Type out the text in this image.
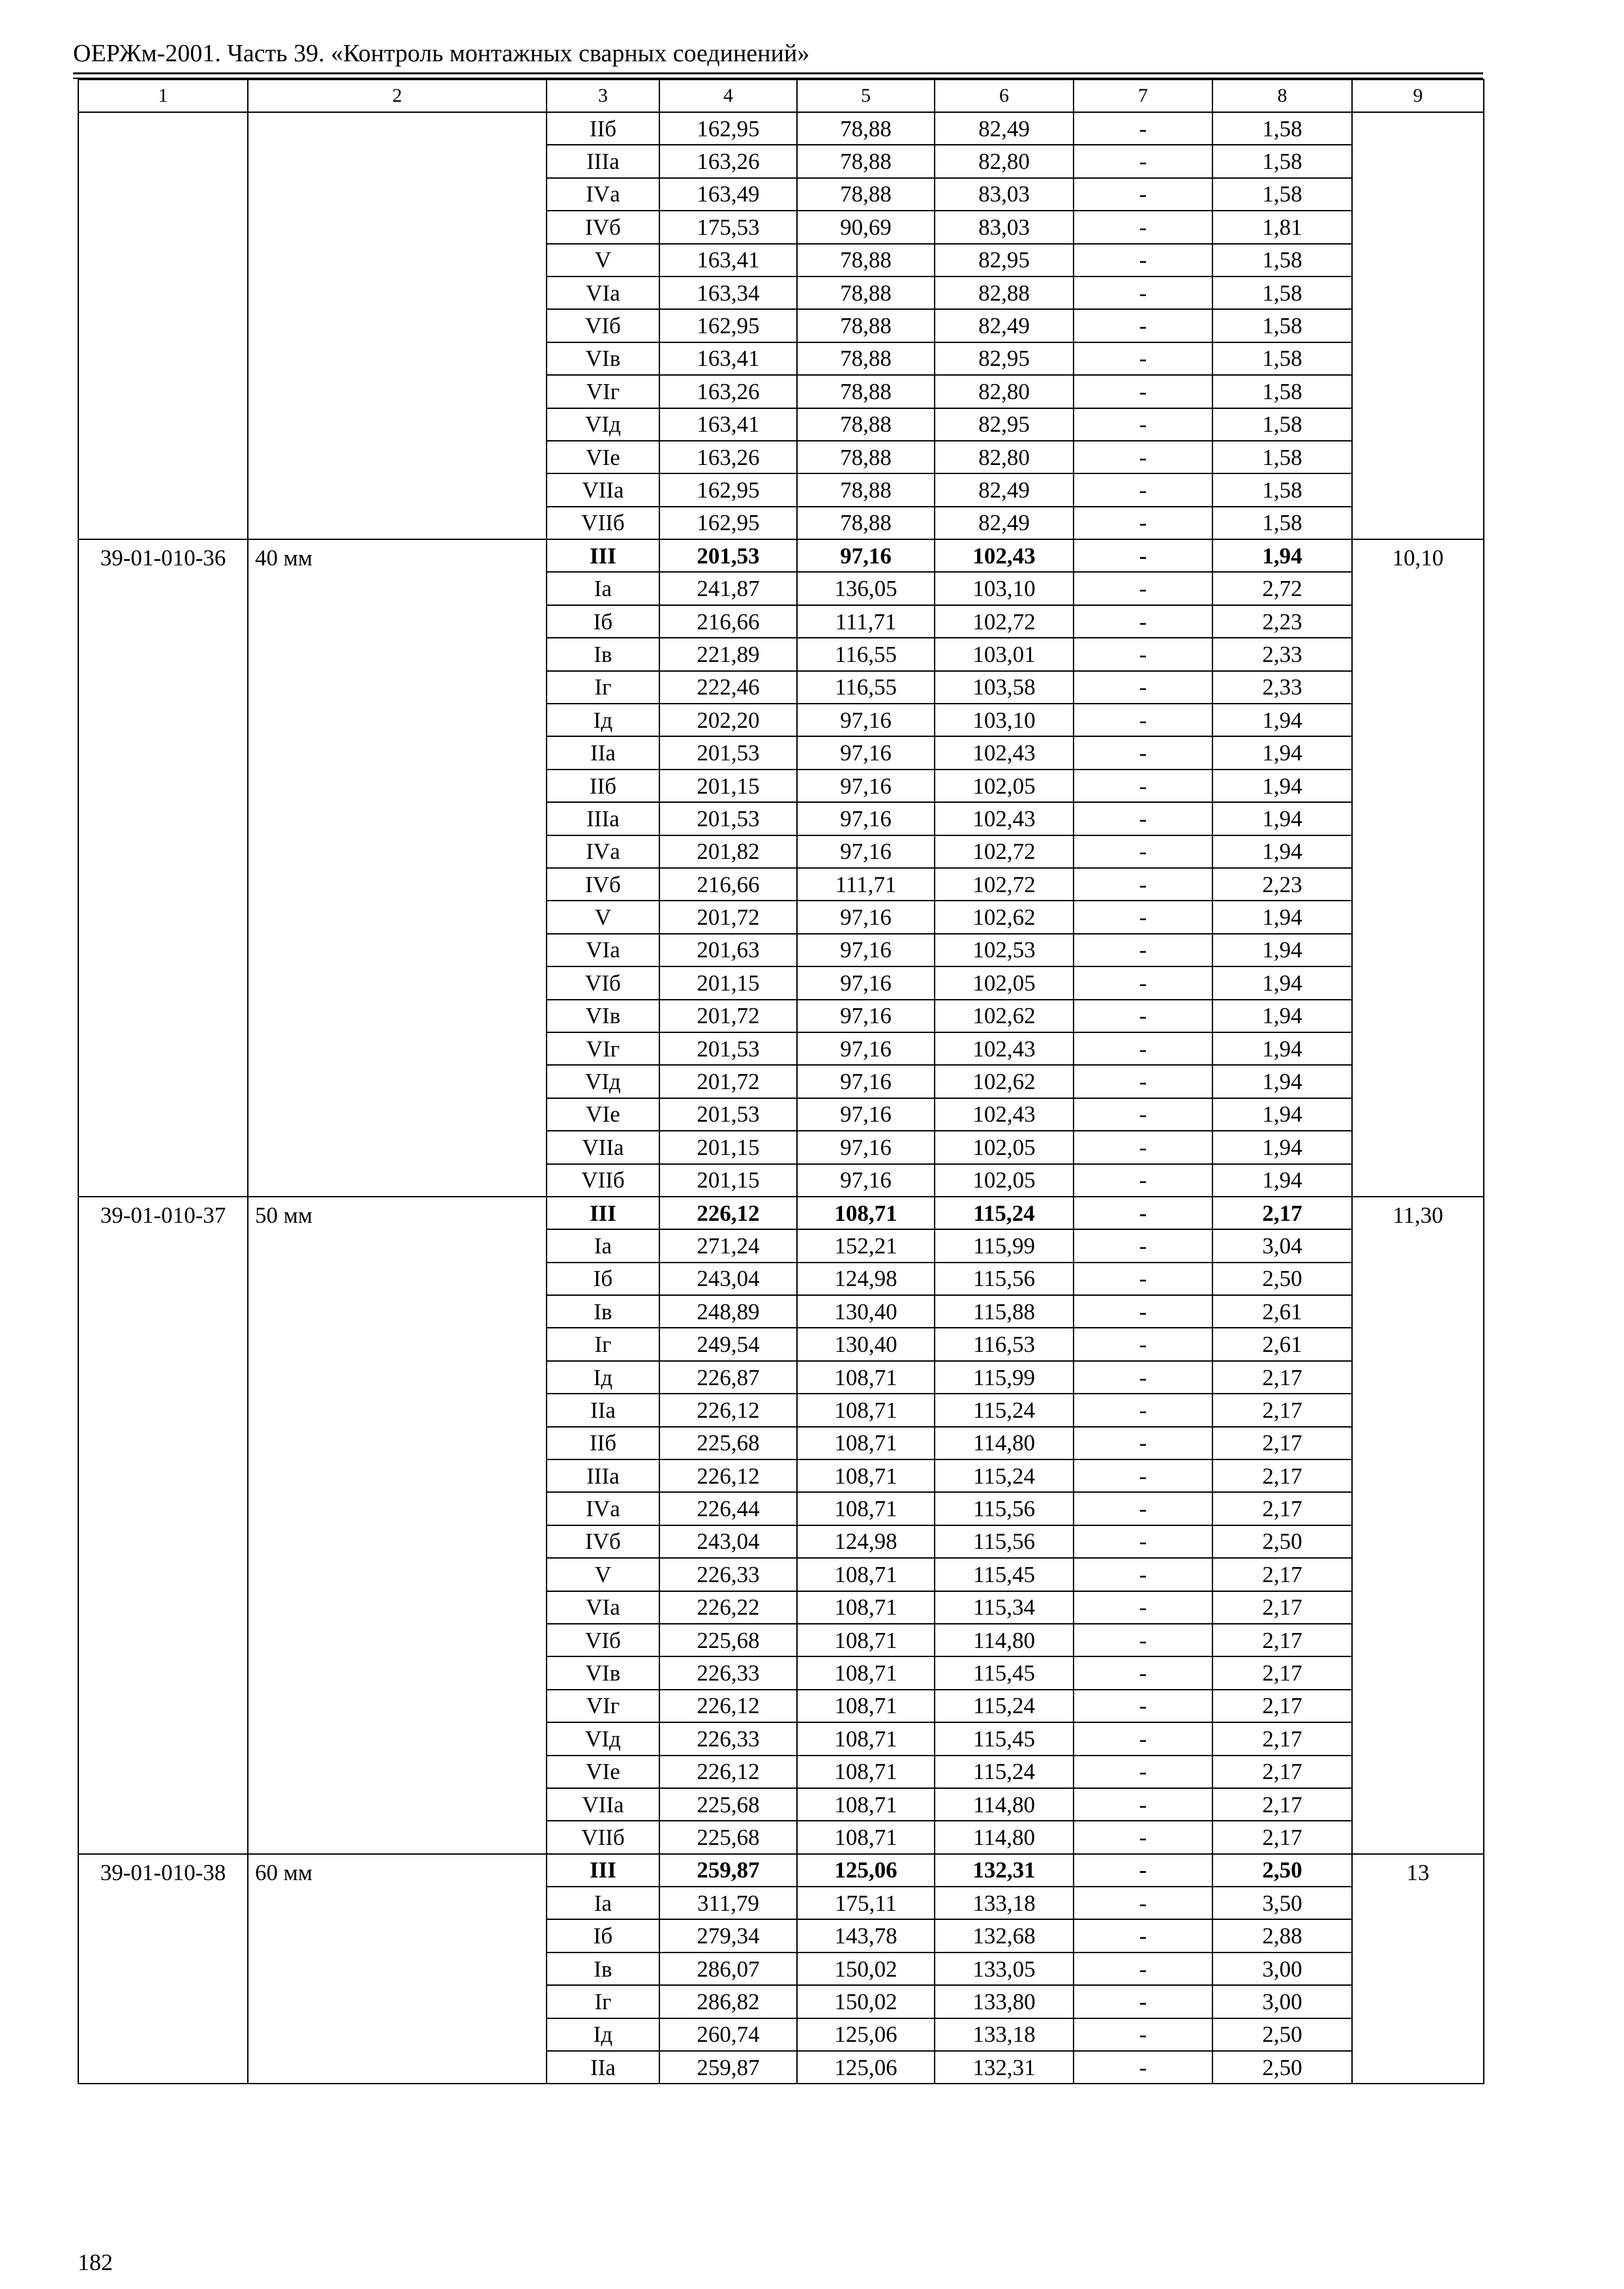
ОЕРЖм-2001. Часть 39. «Контроль монтажных сварных соединений»
1	2	3	4	5	6	7	8	9
		IIб	162,95	78,88	82,49	-	1,58	
		IIIа	163,26	78,88	82,80	-	1,58	
		IVа	163,49	78,88	83,03	-	1,58	
		IVб	175,53	90,69	83,03	-	1,81	
		V	163,41	78,88	82,95	-	1,58	
		VIа	163,34	78,88	82,88	-	1,58	
		VIб	162,95	78,88	82,49	-	1,58	
		VIв	163,41	78,88	82,95	-	1,58	
		VIг	163,26	78,88	82,80	-	1,58	
		VIд	163,41	78,88	82,95	-	1,58	
		VIе	163,26	78,88	82,80	-	1,58	
		VIIа	162,95	78,88	82,49	-	1,58	
		VIIб	162,95	78,88	82,49	-	1,58	
39-01-010-36	40 мм	III	201,53	97,16	102,43	-	1,94	10,10
		Iа	241,87	136,05	103,10	-	2,72	
		Iб	216,66	111,71	102,72	-	2,23	
		Iв	221,89	116,55	103,01	-	2,33	
		Iг	222,46	116,55	103,58	-	2,33	
		Iд	202,20	97,16	103,10	-	1,94	
		IIа	201,53	97,16	102,43	-	1,94	
		IIб	201,15	97,16	102,05	-	1,94	
		IIIа	201,53	97,16	102,43	-	1,94	
		IVа	201,82	97,16	102,72	-	1,94	
		IVб	216,66	111,71	102,72	-	2,23	
		V	201,72	97,16	102,62	-	1,94	
		VIа	201,63	97,16	102,53	-	1,94	
		VIб	201,15	97,16	102,05	-	1,94	
		VIв	201,72	97,16	102,62	-	1,94	
		VIг	201,53	97,16	102,43	-	1,94	
		VIд	201,72	97,16	102,62	-	1,94	
		VIе	201,53	97,16	102,43	-	1,94	
		VIIа	201,15	97,16	102,05	-	1,94	
		VIIб	201,15	97,16	102,05	-	1,94	
39-01-010-37	50 мм	III	226,12	108,71	115,24	-	2,17	11,30
		Iа	271,24	152,21	115,99	-	3,04	
		Iб	243,04	124,98	115,56	-	2,50	
		Iв	248,89	130,40	115,88	-	2,61	
		Iг	249,54	130,40	116,53	-	2,61	
		Iд	226,87	108,71	115,99	-	2,17	
		IIа	226,12	108,71	115,24	-	2,17	
		IIб	225,68	108,71	114,80	-	2,17	
		IIIа	226,12	108,71	115,24	-	2,17	
		IVа	226,44	108,71	115,56	-	2,17	
		IVб	243,04	124,98	115,56	-	2,50	
		V	226,33	108,71	115,45	-	2,17	
		VIа	226,22	108,71	115,34	-	2,17	
		VIб	225,68	108,71	114,80	-	2,17	
		VIв	226,33	108,71	115,45	-	2,17	
		VIг	226,12	108,71	115,24	-	2,17	
		VIд	226,33	108,71	115,45	-	2,17	
		VIе	226,12	108,71	115,24	-	2,17	
		VIIа	225,68	108,71	114,80	-	2,17	
		VIIб	225,68	108,71	114,80	-	2,17	
39-01-010-38	60 мм	III	259,87	125,06	132,31	-	2,50	13
		Iа	311,79	175,11	133,18	-	3,50	
		Iб	279,34	143,78	132,68	-	2,88	
		Iв	286,07	150,02	133,05	-	3,00	
		Iг	286,82	150,02	133,80	-	3,00	
		Iд	260,74	125,06	133,18	-	2,50	
		IIа	259,87	125,06	132,31	-	2,50	
182
